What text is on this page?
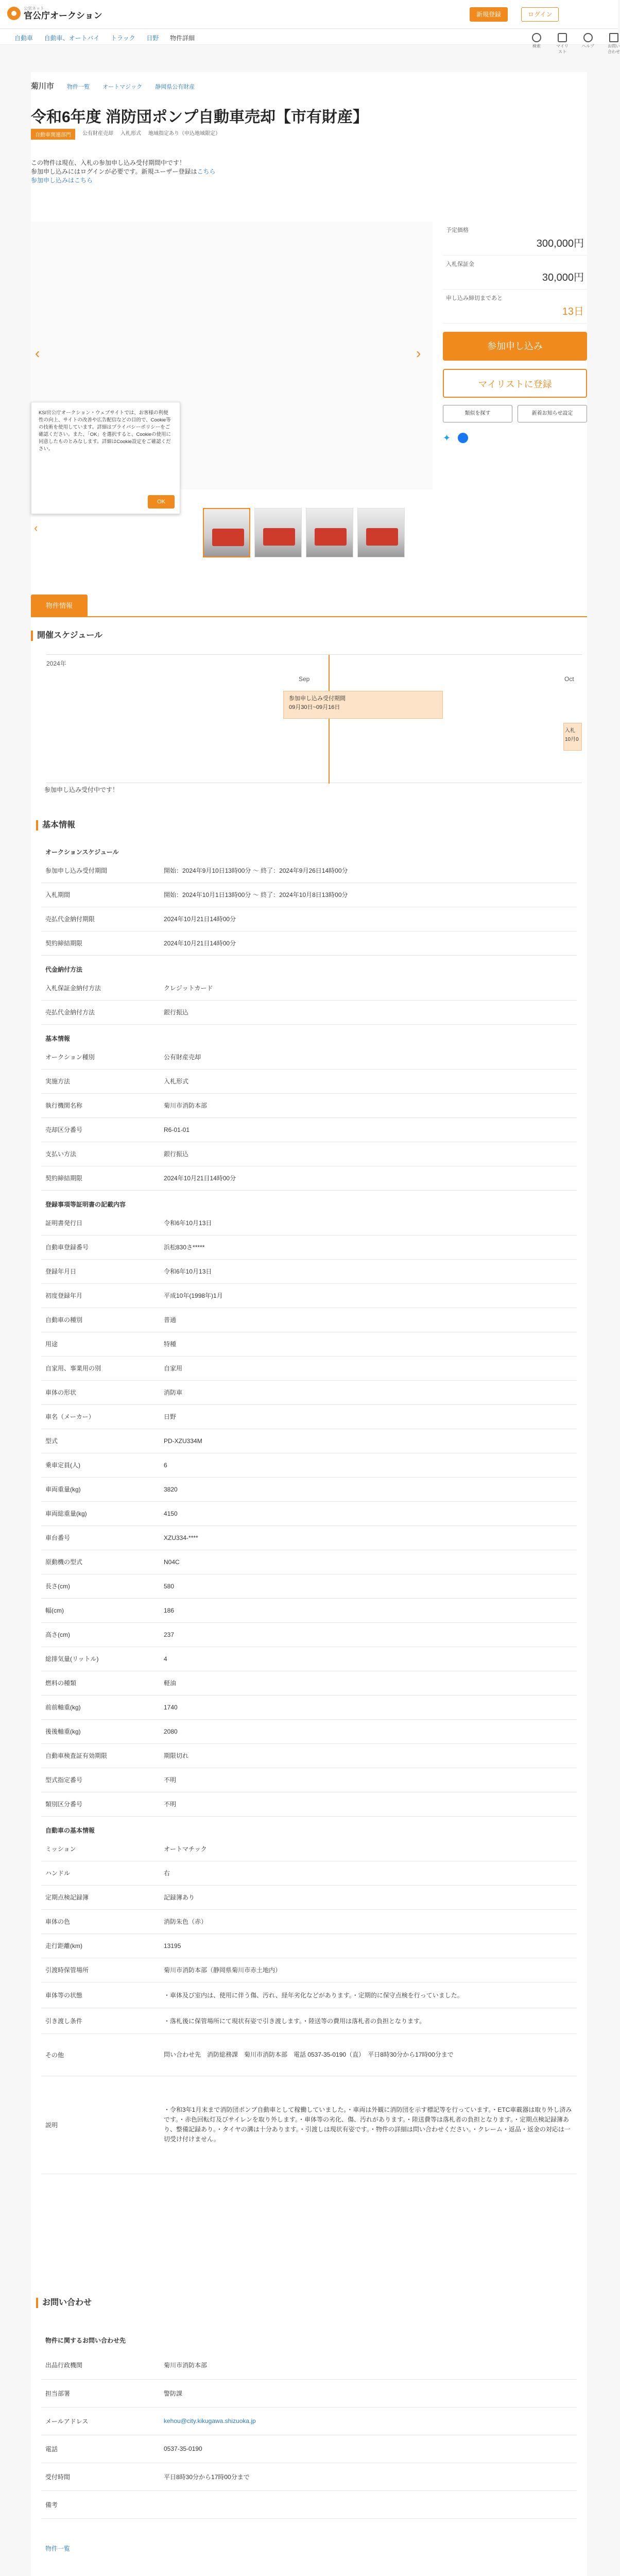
公官ネット
官公庁オークション	新規登録	ログイン
自動車 自動車、オートバイ トラック 日野 物件詳細
検索	マイリスト
ヘルプ	お問い合わせ
菊川市 物件一覧 オートマジック 静岡県公有財産
令和6年度 消防団ポンプ自動車売却【市有財産】
自動車関連部門	公有財産売却 入札形式 地域指定あり（申込地域限定）
この物件は現在、入札の参加申し込み受付期間中です！
参加申し込みにはログインが必要です。新規ユーザー登録はこちら
参加申し込みはこちら
‹	›
‹
KSI官公庁オークション・ウェブサイトでは、お客様の利便性の向上、サイトの改善や広告配信などの目的で、Cookie等の技術を使用しています。詳細はプライバシーポリシーをご確認ください。また、「OK」を選択すると、Cookieの使用に同意したものとみなします。詳細はCookie設定をご確認ください。
OK
予定価格
300,000円
入札保証金
30,000円
申し込み締切まであと
13日
参加申し込み
マイリストに登録
類似を探す	新着お知らせ設定
✦
物件情報
開催スケジュール
2024年
Sep	Oct
参加申し込み受付期間
09月30日~09月16日
入札
10月0
参加申し込み受付中です！
基本情報
オークションスケジュール	
参加申し込み受付期間	開始：2024年9月10日13時00分 ～ 終了：2024年9月26日14時00分
入札期間	開始：2024年10月1日13時00分 ～ 終了：2024年10月8日13時00分
売払代金納付期限	2024年10月21日14時00分
契約締結期限	2024年10月21日14時00分
代金納付方法	
入札保証金納付方法	クレジットカード
売払代金納付方法	銀行振込
基本情報	
オークション種別	公有財産売却
実施方法	入札形式
執行機関名称	菊川市消防本部
売却区分番号	R6-01-01
支払い方法	銀行振込
契約締結期限	2024年10月21日14時00分
登録事項等証明書の記載内容	
証明書発行日	令和6年10月13日
自動車登録番号	浜松830さ*****
登録年月日	令和6年10月13日
初度登録年月	平成10年(1998年)1月
自動車の種別	普通
用途	特種
自家用、事業用の別	自家用
車体の形状	消防車
車名（メーカー）	日野
型式	PD-XZU334M
乗車定員(人)	6
車両重量(kg)	3820
車両総重量(kg)	4150
車台番号	XZU334-****
原動機の型式	N04C
長さ(cm)	580
幅(cm)	186
高さ(cm)	237
総排気量(リットル)	4
燃料の種類	軽油
前前軸重(kg)	1740
後後軸重(kg)	2080
自動車検査証有効期限	期限切れ
型式指定番号	不明
類別区分番号	不明
自動車の基本情報	
ミッション	オートマチック
ハンドル	右
定期点検記録簿	記録簿あり
車体の色	消防朱色（赤）
走行距離(km)	13195
引渡時保管場所	菊川市消防本部（静岡県菊川市赤土地内）
車体等の状態	・車体及び室内は、使用に伴う傷、汚れ、経年劣化などがあります。・定期的に保守点検を行っていました。
引き渡し条件	・落札後に保管場所にて現状有姿で引き渡します。・陸送等の費用は落札者の負担となります。
その他	問い合わせ先　消防総務課　菊川市消防本部　電話 0537-35-0190（直）　平日8時30分から17時00分まで
説明	・令和3年1月末まで消防団ポンプ自動車として稼働していました。・車両は外観に消防団を示す標記等を行っています。・ETC車載器は取り外し済みです。・赤色回転灯及びサイレンを取り外します。・車体等の劣化、傷、汚れがあります。・陸送費等は落札者の負担となります。・定期点検記録簿あり、整備記録あり。・タイヤの溝は十分あります。・引渡しは現状有姿です。・物件の詳細は問い合わせください。・クレーム・返品・返金の対応は一切受け付けません。
お問い合わせ
物件に関するお問い合わせ先
出品行政機関	菊川市消防本部
担当部署	警防課
メールアドレス	kehou@city.kikugawa.shizuoka.jp
電話	0537-35-0190
受付時間	平日8時30分から17時00分まで
備考	
物件一覧
